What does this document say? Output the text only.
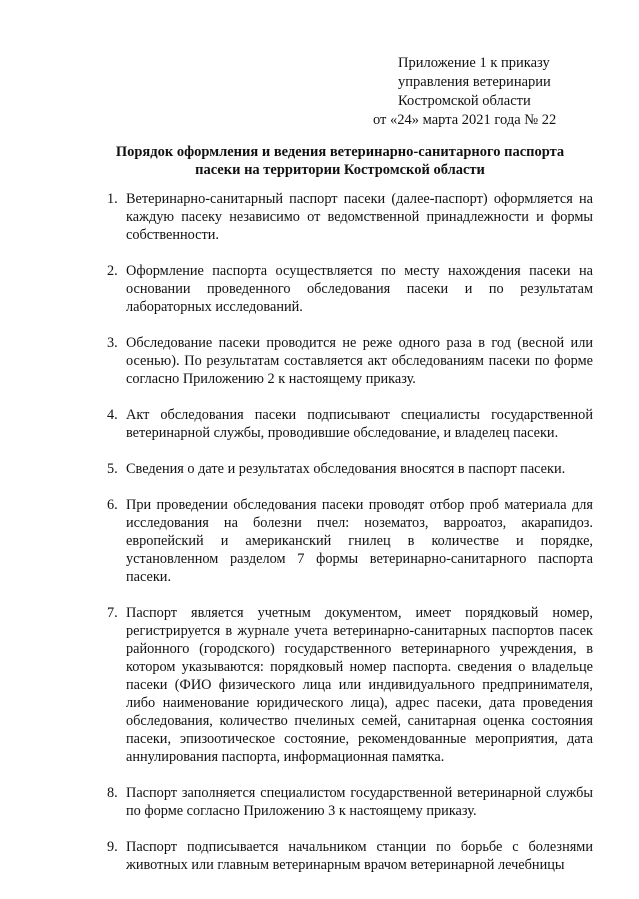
Приложение 1 к приказу
управления ветеринарии
Костромской области
от «24» марта 2021 года № 22
Порядок оформления и ведения ветеринарно-санитарного паспорта
пасеки на территории Костромской области
1. Ветеринарно-санитарный паспорт пасеки (далее-паспорт) оформляется на каждую пасеку независимо от ведомственной принадлежности и формы собственности.
2. Оформление паспорта осуществляется по месту нахождения пасеки на основании проведенного обследования пасеки и по результатам лабораторных исследований.
3. Обследование пасеки проводится не реже одного раза в год (весной или осенью). По результатам составляется акт обследованиям пасеки по форме согласно Приложению 2 к настоящему приказу.
4. Акт обследования пасеки подписывают специалисты государственной ветеринарной службы, проводившие обследование, и владелец пасеки.
5. Сведения о дате и результатах обследования вносятся в паспорт пасеки.
6. При проведении обследования пасеки проводят отбор проб материала для исследования на болезни пчел: нозематоз, варроатоз, акарапидоз. европейский и американский гнилец в количестве и порядке, установленном разделом 7 формы ветеринарно-санитарного паспорта пасеки.
7. Паспорт является учетным документом, имеет порядковый номер, регистрируется в журнале учета ветеринарно-санитарных паспортов пасек районного (городского) государственного ветеринарного учреждения, в котором указываются: порядковый номер паспорта. сведения о владельце пасеки (ФИО физического лица или индивидуального предпринимателя, либо наименование юридического лица), адрес пасеки, дата проведения обследования, количество пчелиных семей, санитарная оценка состояния пасеки, эпизоотическое состояние, рекомендованные мероприятия, дата аннулирования паспорта, информационная памятка.
8. Паспорт заполняется специалистом государственной ветеринарной службы по форме согласно Приложению 3 к настоящему приказу.
9. Паспорт подписывается начальником станции по борьбе с болезнями животных или главным ветеринарным врачом ветеринарной лечебницы
